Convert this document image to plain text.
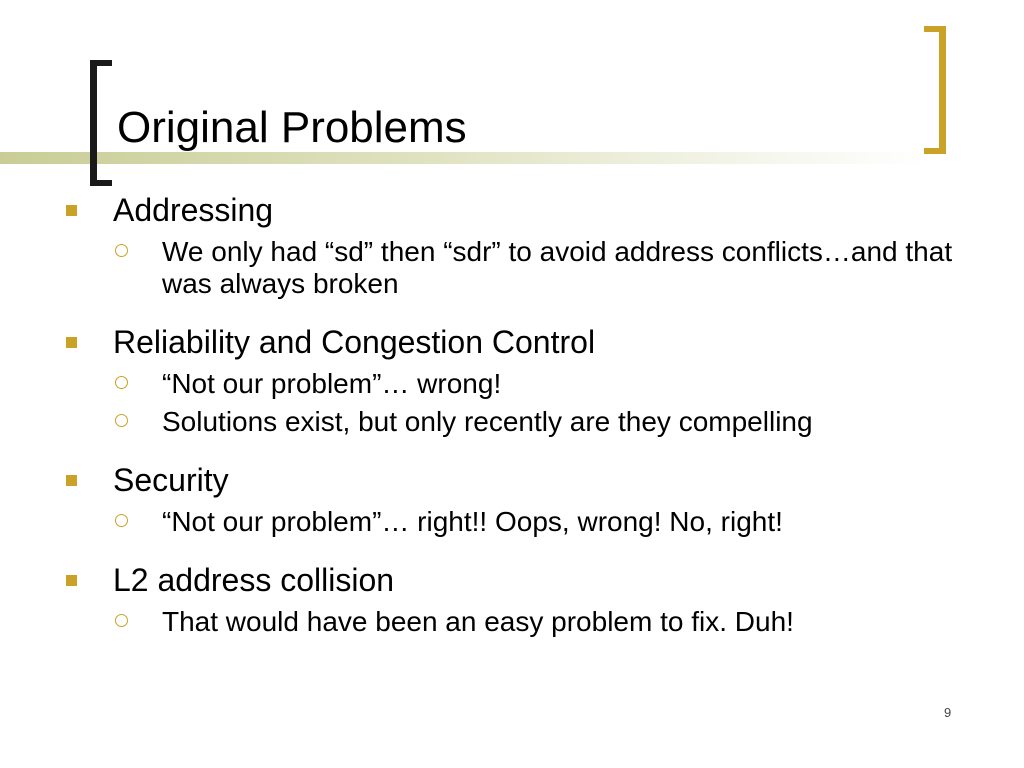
Original Problems
Addressing
We only had “sd” then “sdr” to avoid address conflicts…and that was always broken
Reliability and Congestion Control
“Not our problem”… wrong!
Solutions exist, but only recently are they compelling
Security
“Not our problem”… right!! Oops, wrong! No, right!
L2 address collision
That would have been an easy problem to fix. Duh!
9
